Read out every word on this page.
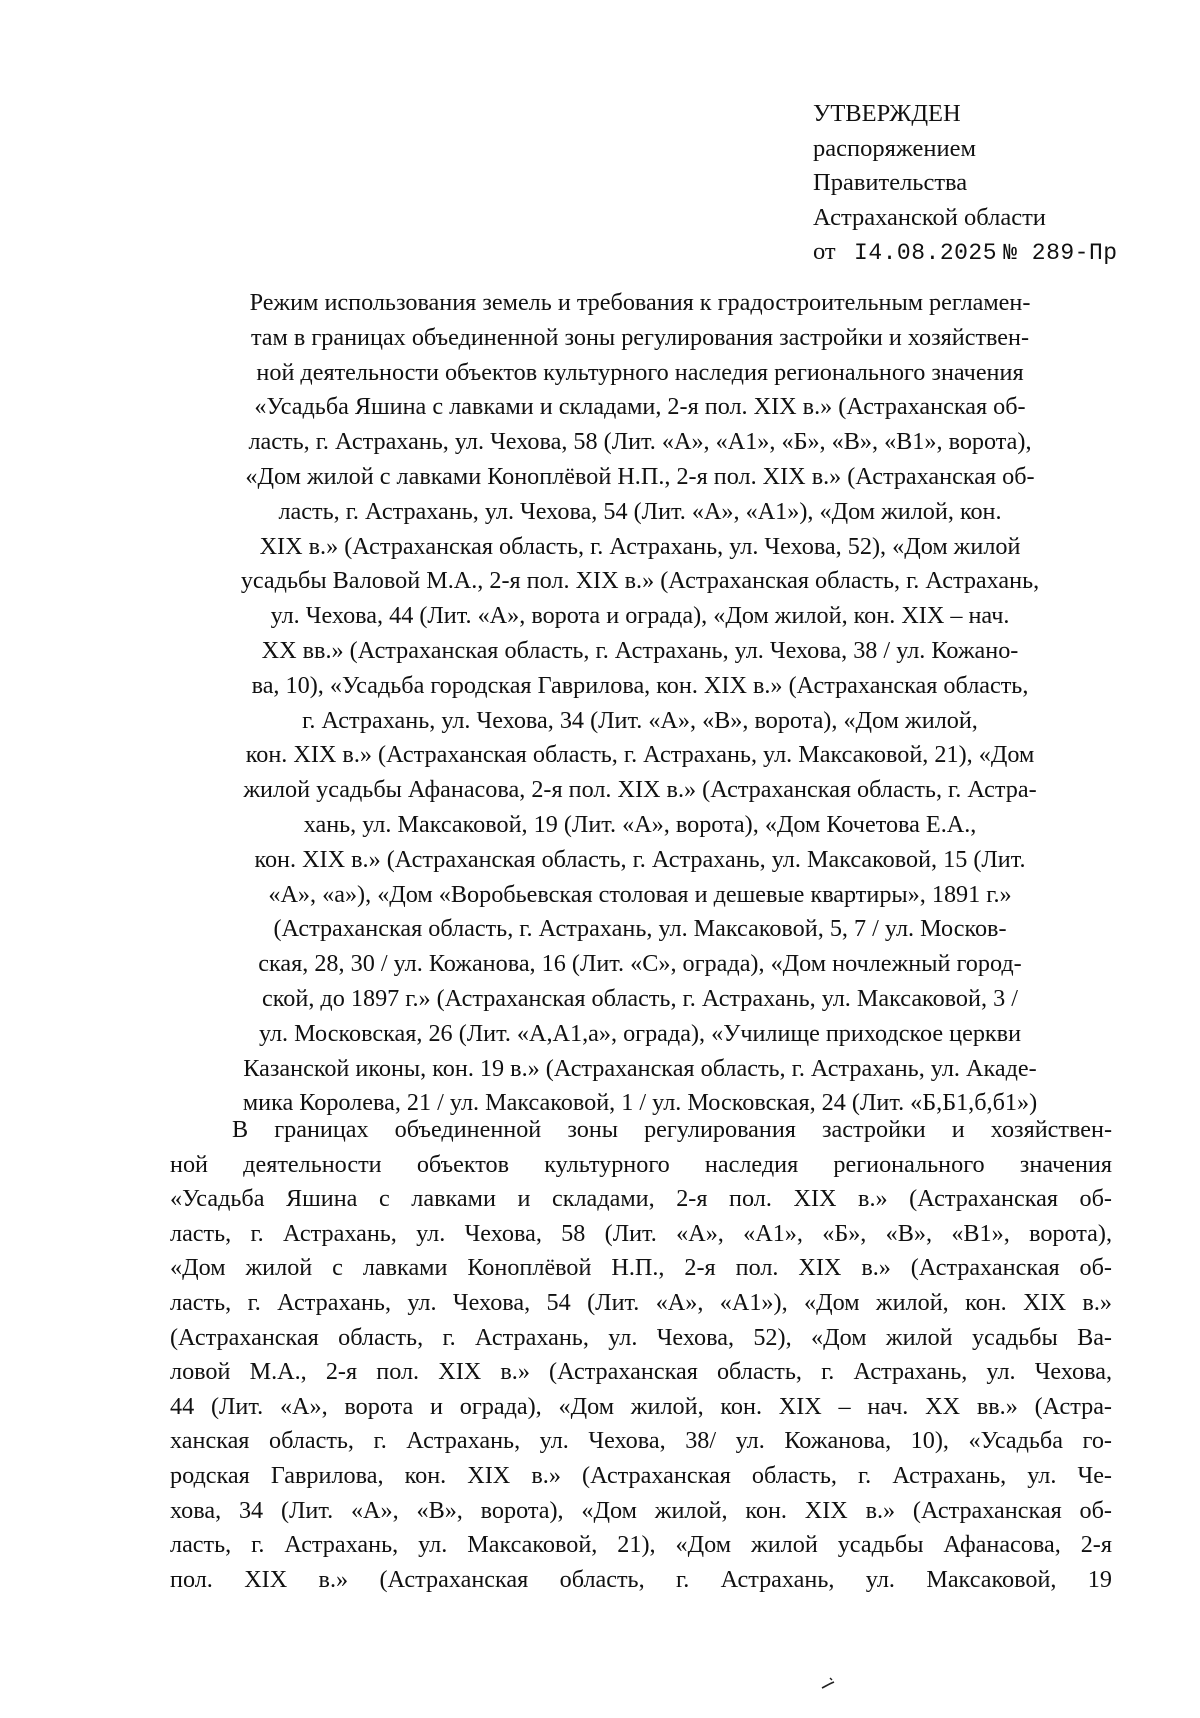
УТВЕРЖДЕН
распоряжением
Правительства
Астраханской области
от I4.08.2025 № 289-Пр
Режим использования земель и требования к градостроительным регламен-
там в границах объединенной зоны регулирования застройки и хозяйствен-
ной деятельности объектов культурного наследия регионального значения
«Усадьба Яшина с лавками и складами, 2-я пол. XIX в.» (Астраханская об-
ласть, г. Астрахань, ул. Чехова, 58 (Лит. «А», «А1», «Б», «В», «В1», ворота),
«Дом жилой с лавками Коноплёвой Н.П., 2-я пол. XIX в.» (Астраханская об-
ласть, г. Астрахань, ул. Чехова, 54 (Лит. «А», «А1»), «Дом жилой, кон.
XIX в.» (Астраханская область, г. Астрахань, ул. Чехова, 52), «Дом жилой
усадьбы Валовой М.А., 2-я пол. XIX в.» (Астраханская область, г. Астрахань,
ул. Чехова, 44 (Лит. «А», ворота и ограда), «Дом жилой, кон. XIX – нач.
XX вв.» (Астраханская область, г. Астрахань, ул. Чехова, 38 / ул. Кожано-
ва, 10), «Усадьба городская Гаврилова, кон. XIX в.» (Астраханская область,
г. Астрахань, ул. Чехова, 34 (Лит. «А», «В», ворота), «Дом жилой,
кон. XIX в.» (Астраханская область, г. Астрахань, ул. Максаковой, 21), «Дом
жилой усадьбы Афанасова, 2-я пол. XIX в.» (Астраханская область, г. Астра-
хань, ул. Максаковой, 19 (Лит. «А», ворота), «Дом Кочетова Е.А.,
кон. XIX в.» (Астраханская область, г. Астрахань, ул. Максаковой, 15 (Лит.
«А», «а»), «Дом «Воробьевская столовая и дешевые квартиры», 1891 г.»
(Астраханская область, г. Астрахань, ул. Максаковой, 5, 7 / ул. Москов-
ская, 28, 30 / ул. Кожанова, 16 (Лит. «С», ограда), «Дом ночлежный город-
ской, до 1897 г.» (Астраханская область, г. Астрахань, ул. Максаковой, 3 /
ул. Московская, 26 (Лит. «А,А1,а», ограда), «Училище приходское церкви
Казанской иконы, кон. 19 в.» (Астраханская область, г. Астрахань, ул. Акаде-
мика Королева, 21 / ул. Максаковой, 1 / ул. Московская, 24 (Лит. «Б,Б1,б,б1»)
В границах объединенной зоны регулирования застройки и хозяйствен-
ной деятельности объектов культурного наследия регионального значения
«Усадьба Яшина с лавками и складами, 2-я пол. XIX в.» (Астраханская об-
ласть, г. Астрахань, ул. Чехова, 58 (Лит. «А», «А1», «Б», «В», «В1», ворота),
«Дом жилой с лавками Коноплёвой Н.П., 2-я пол. XIX в.» (Астраханская об-
ласть, г. Астрахань, ул. Чехова, 54 (Лит. «А», «А1»), «Дом жилой, кон. XIX в.»
(Астраханская область, г. Астрахань, ул. Чехова, 52), «Дом жилой усадьбы Ва-
ловой М.А., 2-я пол. XIX в.» (Астраханская область, г. Астрахань, ул. Чехова,
44 (Лит. «А», ворота и ограда), «Дом жилой, кон. XIX – нач. XX вв.» (Астра-
ханская область, г. Астрахань, ул. Чехова, 38/ ул. Кожанова, 10), «Усадьба го-
родская Гаврилова, кон. XIX в.» (Астраханская область, г. Астрахань, ул. Че-
хова, 34 (Лит. «А», «В», ворота), «Дом жилой, кон. XIX в.» (Астраханская об-
ласть, г. Астрахань, ул. Максаковой, 21), «Дом жилой усадьбы Афанасова, 2-я
пол. XIX в.» (Астраханская область, г. Астрахань, ул. Максаковой, 19
